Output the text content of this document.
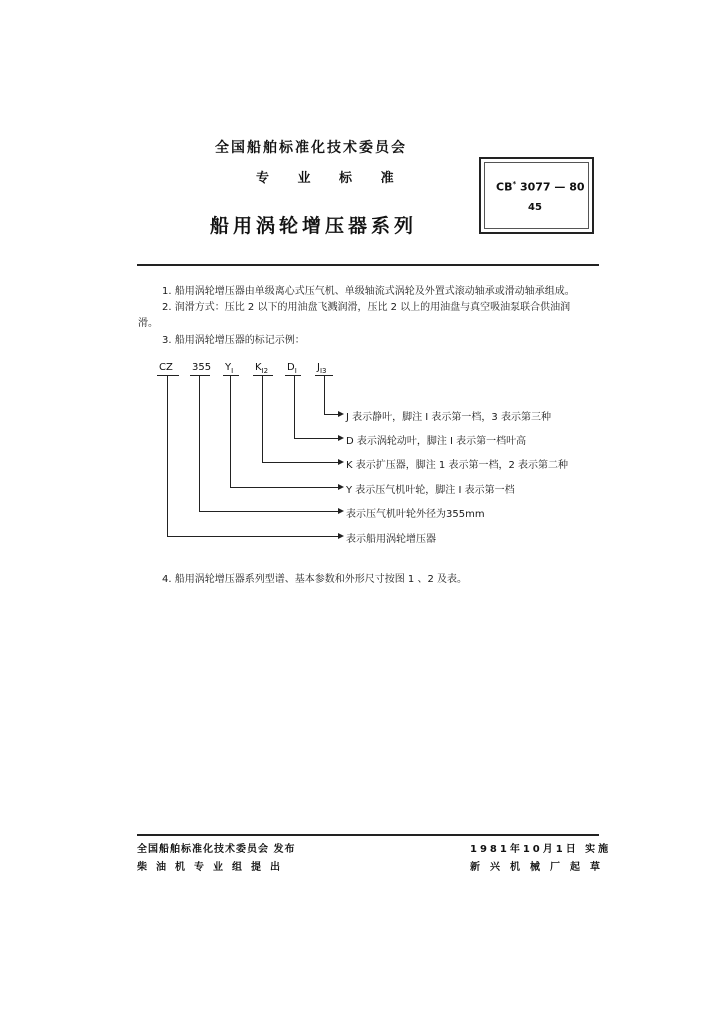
全国船舶标准化技术委员会
专 业 标 准
船用涡轮增压器系列
CB* 3077 — 80
45
1. 船用涡轮增压器由单级离心式压气机、单级轴流式涡轮及外置式滚动轴承或滑动轴承组成。
2. 润滑方式：压比 2 以下的用油盘飞溅润滑，压比 2 以上的用油盘与真空吸油泵联合供油润
滑。
3. 船用涡轮增压器的标记示例：
CZ 355 $Y_I$ $K_{I2}$ $D_I$ $J_{I3}$
J 表示静叶，脚注 I 表示第一档，3 表示第三种
D 表示涡轮动叶，脚注 I 表示第一档叶高
K 表示扩压器，脚注 1 表示第一档，2 表示第二种
Y 表示压气机叶轮，脚注 I 表示第一档
表示压气机叶轮外径为355mm
表示船用涡轮增压器
4. 船用涡轮增压器系列型谱、基本参数和外形尺寸按图 1 、2 及表。
全国船舶标准化技术委员会 发布
柴油机专业组提出
1981年10月1日 实施
新兴机械厂起草
